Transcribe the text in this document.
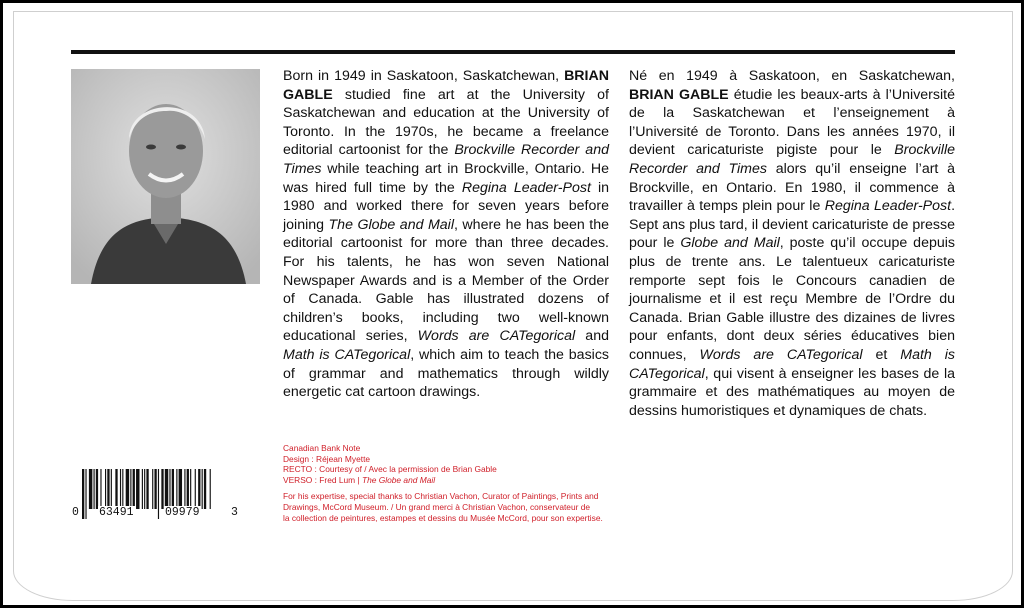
Born in 1949 in Saskatoon, Saskatchewan, BRIAN GABLE studied fine art at the University of Saskatchewan and education at the University of Toronto. In the 1970s, he became a freelance editorial cartoonist for the Brockville Recorder and Times while teaching art in Brockville, Ontario. He was hired full time by the Regina Leader-Post in 1980 and worked there for seven years before joining The Globe and Mail, where he has been the editorial cartoonist for more than three decades. For his talents, he has won seven National Newspaper Awards and is a Member of the Order of Canada. Gable has illustrated dozens of children’s books, including two well-known educational series, Words are CATegorical and Math is CATegorical, which aim to teach the basics of grammar and mathematics through wildly energetic cat cartoon drawings.
Né en 1949 à Saskatoon, en Saskatchewan, BRIAN GABLE étudie les beaux-arts à l’Université de la Saskatchewan et l’enseignement à l’Université de Toronto. Dans les années 1970, il devient caricaturiste pigiste pour le Brockville Recorder and Times alors qu’il enseigne l’art à Brockville, en Ontario. En 1980, il commence à travailler à temps plein pour le Regina Leader-Post. Sept ans plus tard, il devient caricaturiste de presse pour le Globe and Mail, poste qu’il occupe depuis plus de trente ans. Le talentueux caricaturiste remporte sept fois le Concours canadien de journalisme et il est reçu Membre de l’Ordre du Canada. Brian Gable illustre des dizaines de livres pour enfants, dont deux séries éducatives bien connues, Words are CATegorical et Math is CATegorical, qui visent à enseigner les bases de la grammaire et des mathématiques au moyen de dessins humoristiques et dynamiques de chats.
Canadian Bank Note
Design : Réjean Myette
RECTO : Courtesy of / Avec la permission de Brian Gable
VERSO : Fred Lum | The Globe and Mail
For his expertise, special thanks to Christian Vachon, Curator of Paintings, Prints and
Drawings, McCord Museum. / Un grand merci à Christian Vachon, conservateur de
la collection de peintures, estampes et dessins du Musée McCord, pour son expertise.
0 63491	09979	3
